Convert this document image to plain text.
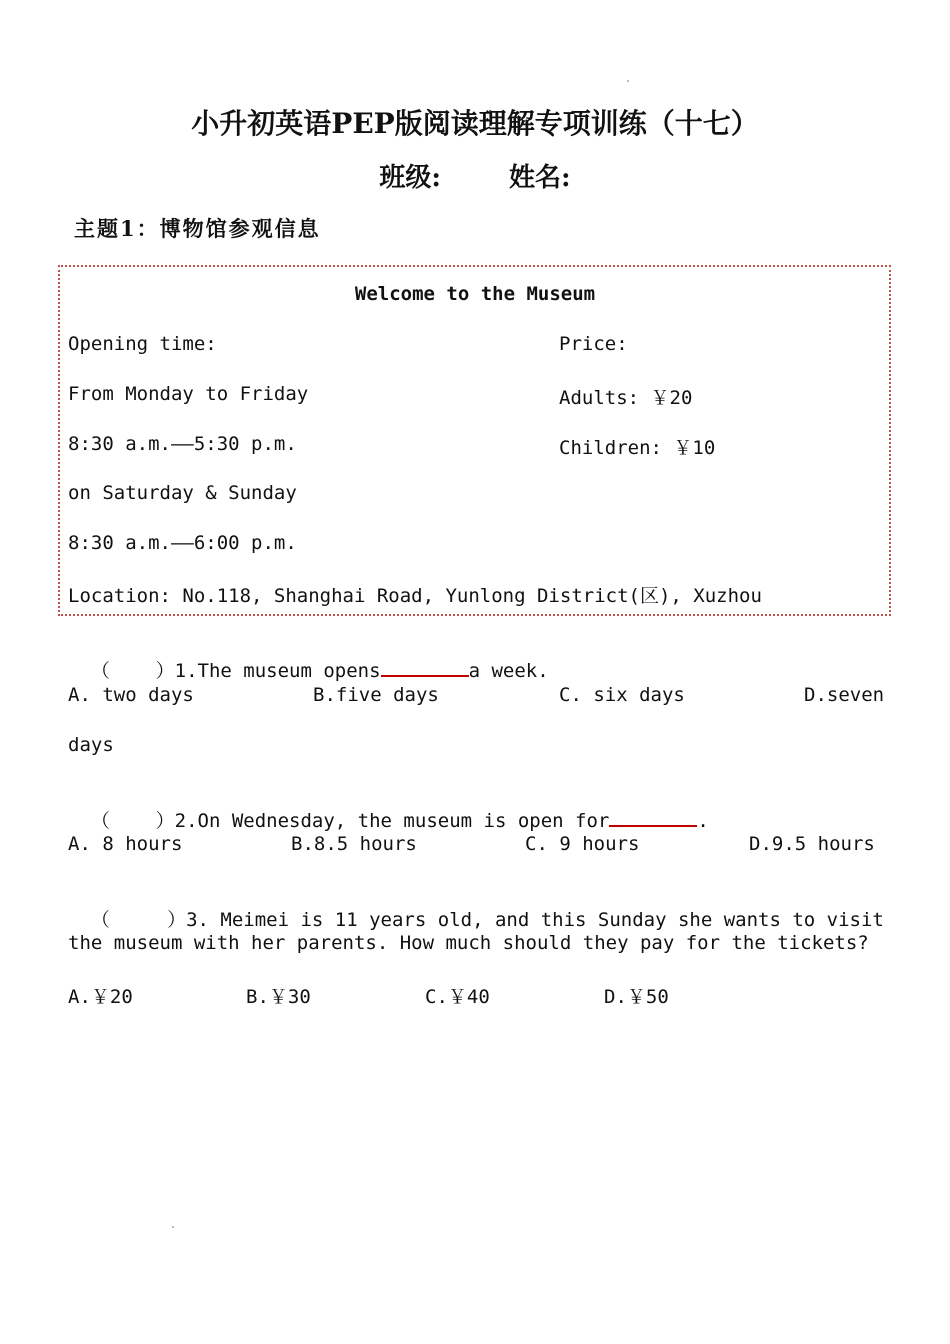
小升初英语PEP版阅读理解专项训练（十七）
班级:	姓名:
主题1：博物馆参观信息
Welcome to the Museum
Opening time:
From Monday to Friday
8:30 a.m.——5:30 p.m.
on Saturday & Sunday
8:30 a.m.——6:00 p.m.
Location: No.118, Shanghai Road, Yunlong District(区), Xuzhou
Price:
Adults: ￥20
Children: ￥10

（    ）1.The museum opens	a week.

A. two days	B.five days	C. six days	D.seven
days

（    ）2.On Wednesday, the museum is open for	.

A. 8 hours	B.8.5 hours	C. 9 hours	D.9.5 hours

（     ）3. Meimei is 11 years old, and this Sunday she wants to visit

the museum with her parents. How much should they pay for the tickets?
A.￥20	B.￥30	C.￥40	D.￥50
